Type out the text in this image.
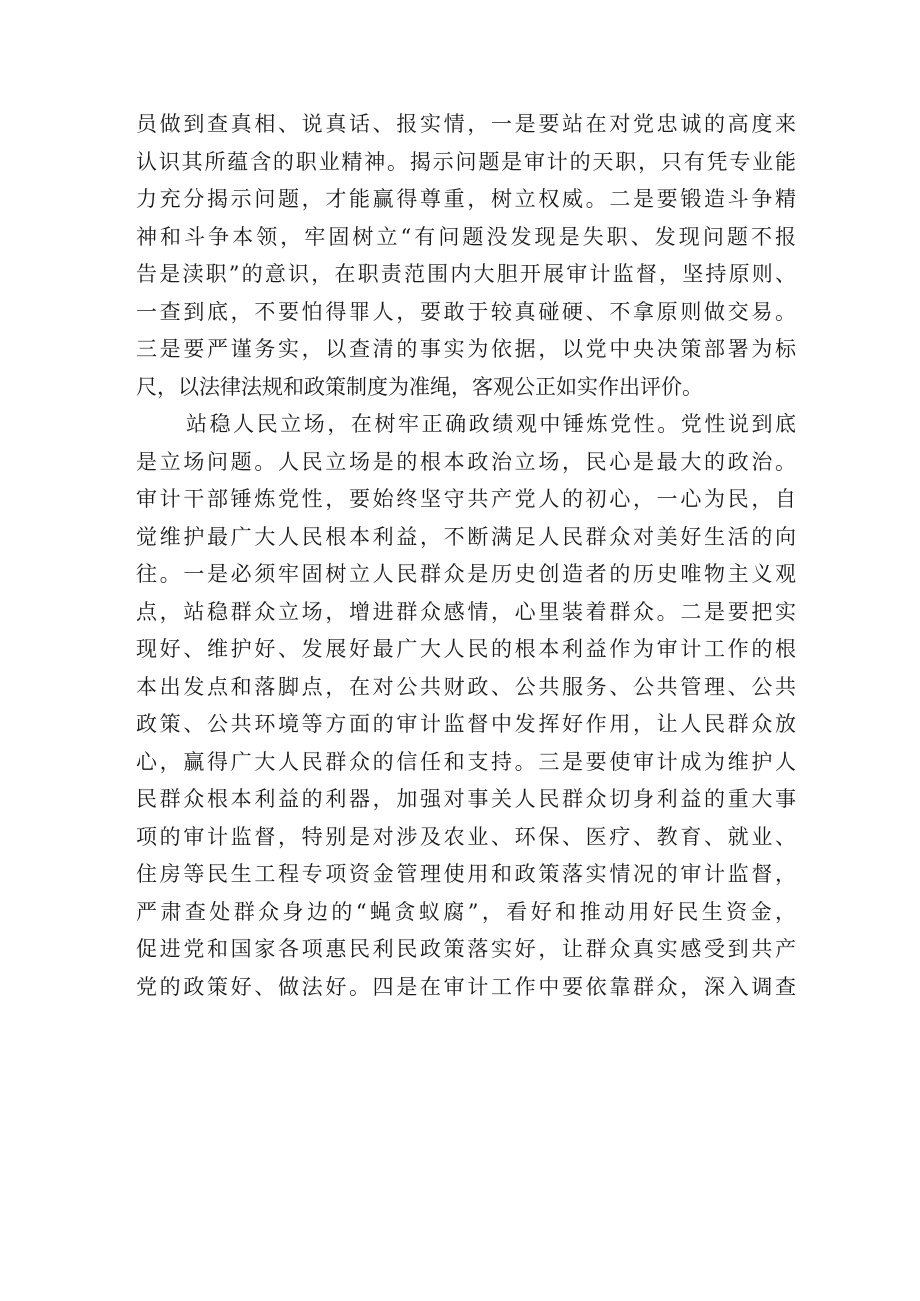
员做到查真相、说真话、报实情，一是要站在对党忠诚的高度来
认识其所蕴含的职业精神。揭示问题是审计的天职，只有凭专业能
力充分揭示问题，才能赢得尊重，树立权威。二是要锻造斗争精
神和斗争本领，牢固树立“有问题没发现是失职、发现问题不报
告是渎职”的意识，在职责范围内大胆开展审计监督，坚持原则、
一查到底，不要怕得罪人，要敢于较真碰硬、不拿原则做交易。
三是要严谨务实，以查清的事实为依据，以党中央决策部署为标
尺，以法律法规和政策制度为准绳，客观公正如实作出评价。
站稳人民立场，在树牢正确政绩观中锤炼党性。党性说到底
是立场问题。人民立场是的根本政治立场，民心是最大的政治。
审计干部锤炼党性，要始终坚守共产党人的初心，一心为民，自
觉维护最广大人民根本利益，不断满足人民群众对美好生活的向
往。一是必须牢固树立人民群众是历史创造者的历史唯物主义观
点，站稳群众立场，增进群众感情，心里装着群众。二是要把实
现好、维护好、发展好最广大人民的根本利益作为审计工作的根
本出发点和落脚点，在对公共财政、公共服务、公共管理、公共
政策、公共环境等方面的审计监督中发挥好作用，让人民群众放
心，赢得广大人民群众的信任和支持。三是要使审计成为维护人
民群众根本利益的利器，加强对事关人民群众切身利益的重大事
项的审计监督，特别是对涉及农业、环保、医疗、教育、就业、
住房等民生工程专项资金管理使用和政策落实情况的审计监督，
严肃查处群众身边的“蝇贪蚁腐”，看好和推动用好民生资金，
促进党和国家各项惠民利民政策落实好，让群众真实感受到共产
党的政策好、做法好。四是在审计工作中要依靠群众，深入调查
